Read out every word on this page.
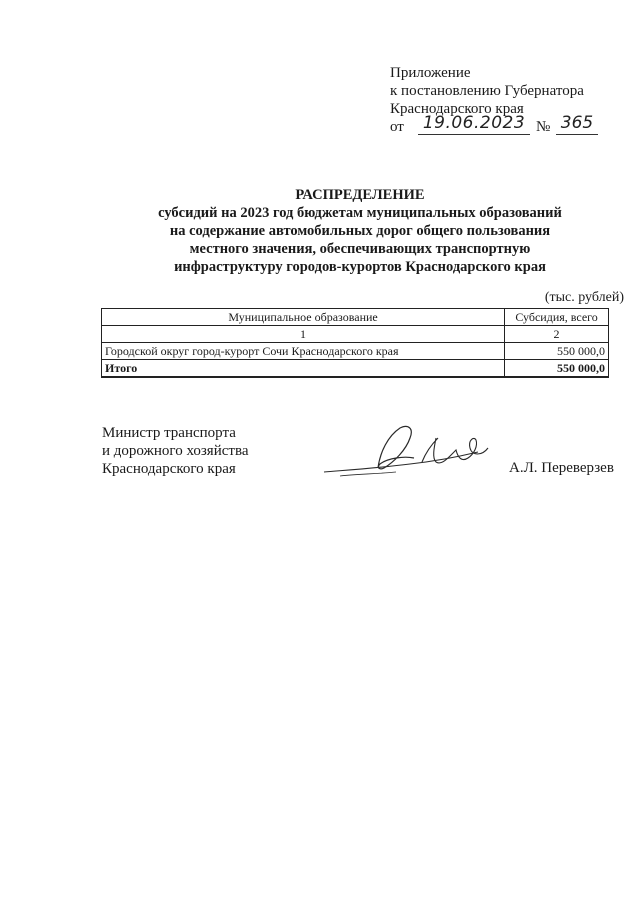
Приложение
к постановлению Губернатора
Краснодарского края
от 19.06.2023 № 365
РАСПРЕДЕЛЕНИЕ
субсидий на 2023 год бюджетам муниципальных образований
на содержание автомобильных дорог общего пользования
местного значения, обеспечивающих транспортную
инфраструктуру городов-курортов Краснодарского края
(тыс. рублей)
Муниципальное образование	Субсидия, всего
1	2
Городской округ город-курорт Сочи Краснодарского края	550 000,0
Итого	550 000,0
Министр транспорта
и дорожного хозяйства
Краснодарского края	А.Л. Переверзев
